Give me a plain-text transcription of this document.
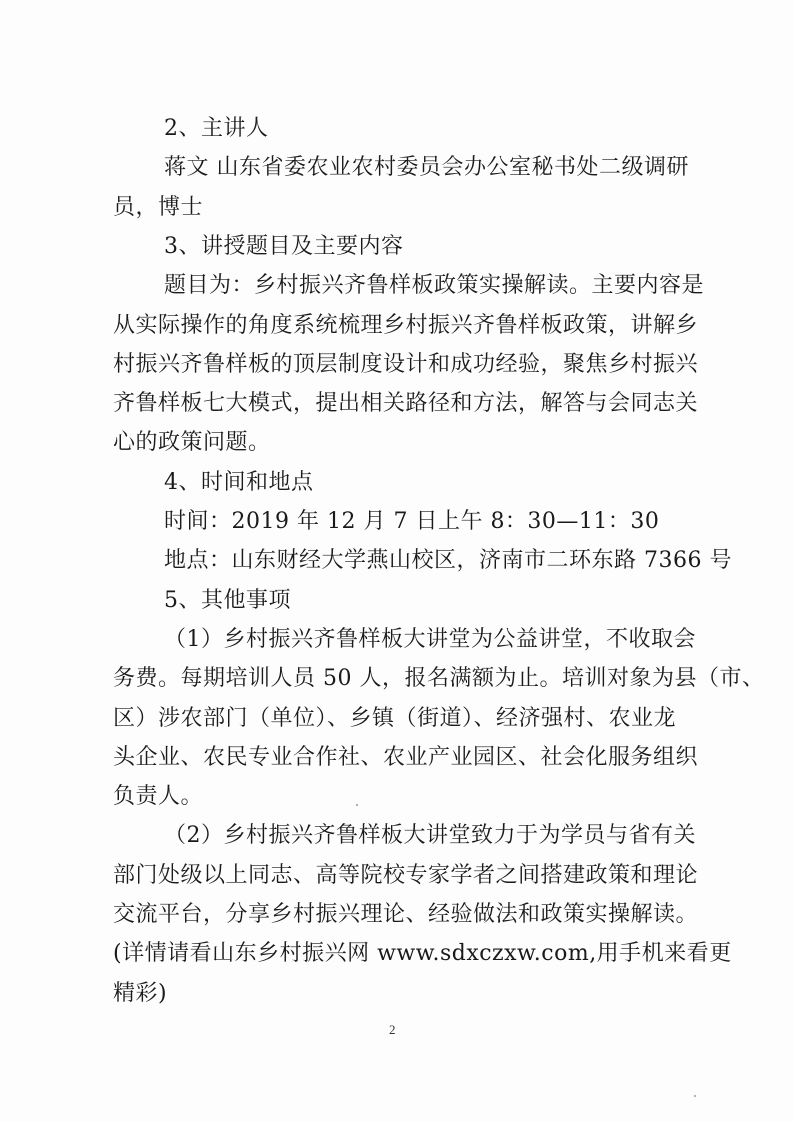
2、主讲人
蒋文 山东省委农业农村委员会办公室秘书处二级调研
员，博士
3、讲授题目及主要内容
题目为：乡村振兴齐鲁样板政策实操解读。主要内容是
从实际操作的角度系统梳理乡村振兴齐鲁样板政策，讲解乡
村振兴齐鲁样板的顶层制度设计和成功经验，聚焦乡村振兴
齐鲁样板七大模式，提出相关路径和方法，解答与会同志关
心的政策问题。
4、时间和地点
时间：2019 年 12 月 7 日上午 8：30—11：30
地点：山东财经大学燕山校区，济南市二环东路 7366 号
5、其他事项
（1）乡村振兴齐鲁样板大讲堂为公益讲堂，不收取会
务费。每期培训人员 50 人，报名满额为止。培训对象为县（市、
区）涉农部门（单位）、乡镇（街道）、经济强村、农业龙
头企业、农民专业合作社、农业产业园区、社会化服务组织
负责人。
（2）乡村振兴齐鲁样板大讲堂致力于为学员与省有关
部门处级以上同志、高等院校专家学者之间搭建政策和理论
交流平台，分享乡村振兴理论、经验做法和政策实操解读。
(详情请看山东乡村振兴网 www.sdxczxw.com,用手机来看更
精彩)
2
